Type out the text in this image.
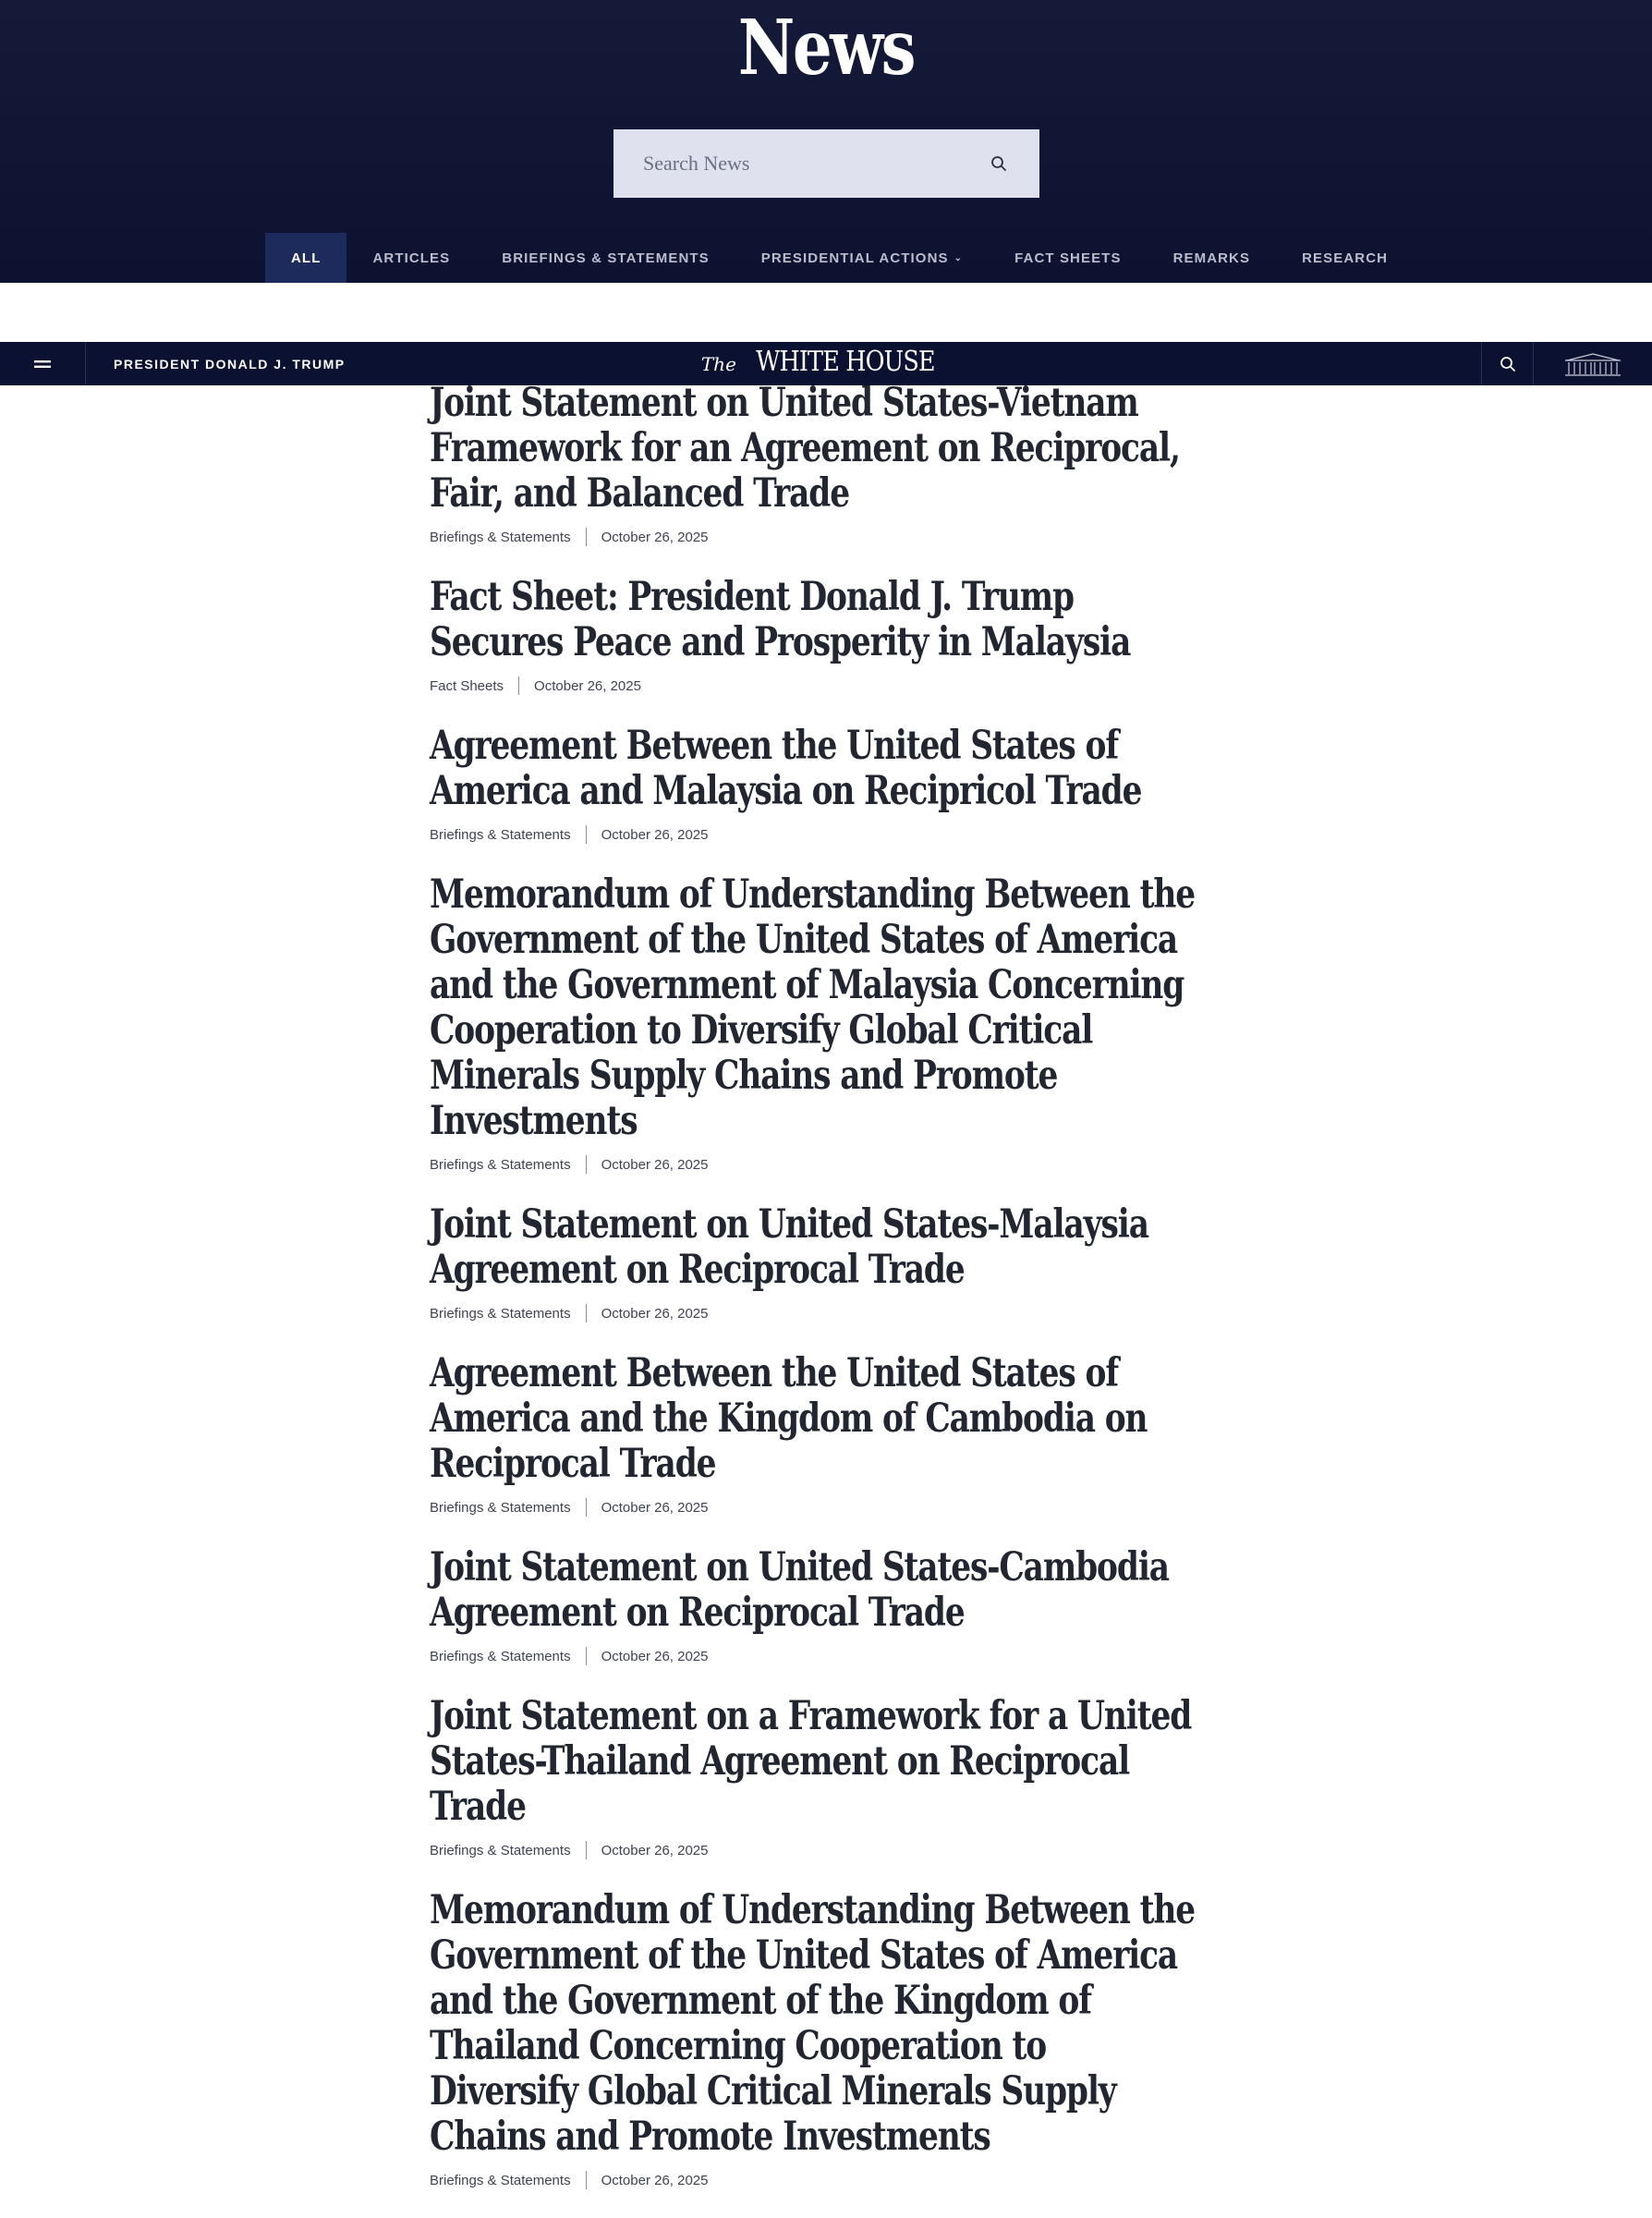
News
Search News
ALL	ARTICLES	BRIEFINGS & STATEMENTS	PRESIDENTIAL ACTIONS ⌄	FACT SHEETS	REMARKS	RESEARCH
PRESIDENT DONALD J. TRUMP	The WHITE HOUSE
Joint Statement on United States-Vietnam Framework for an Agreement on Reciprocal, Fair, and Balanced Trade
Briefings & Statements October 26, 2025
Fact Sheet: President Donald J. Trump Secures Peace and Prosperity in Malaysia
Fact Sheets October 26, 2025
Agreement Between the United States of America and Malaysia on Recipricol Trade
Briefings & Statements October 26, 2025
Memorandum of Understanding Between the Government of the United States of America and the Government of Malaysia Concerning Cooperation to Diversify Global Critical Minerals Supply Chains and Promote Investments
Briefings & Statements October 26, 2025
Joint Statement on United States-Malaysia Agreement on Reciprocal Trade
Briefings & Statements October 26, 2025
Agreement Between the United States of America and the Kingdom of Cambodia on Reciprocal Trade
Briefings & Statements October 26, 2025
Joint Statement on United States-Cambodia Agreement on Reciprocal Trade
Briefings & Statements October 26, 2025
Joint Statement on a Framework for a United States-Thailand Agreement on Reciprocal Trade
Briefings & Statements October 26, 2025
Memorandum of Understanding Between the Government of the United States of America and the Government of the Kingdom of Thailand Concerning Cooperation to Diversify Global Critical Minerals Supply Chains and Promote Investments
Briefings & Statements October 26, 2025
